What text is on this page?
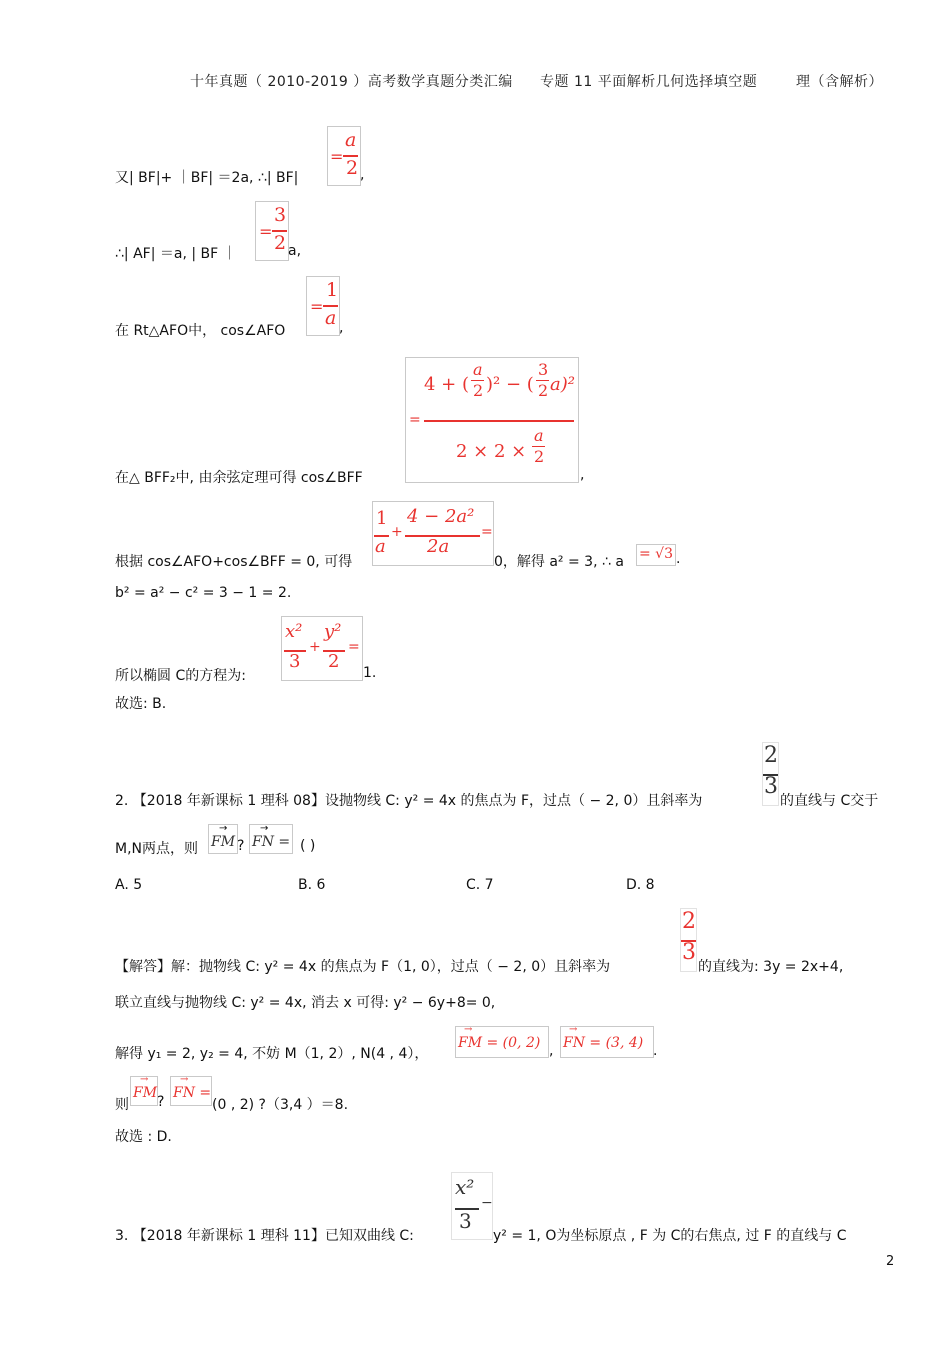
十年真题（ 2010-2019 ）高考数学真题分类汇编 专题 11 平面解析几何选择填空题	理（含解析）
又| BF|+ ｜BF| ＝2a, ∴| BF|
=
a
2 ,
∴| AF| ＝a, | BF ｜
=
3
2 a,
在 Rt△AFO中， cos∠AFO
=
1
a ,
在△ BFF₂中, 由余弦定理可得 cos∠BFF
=
4 + (
a
2 )² − (
3
2 a)²
2 × 2 ×
a
2
,
根据 cos∠AFO+cos∠BFF = 0, 可得
1
a
+
4 − 2a²
2a
=
0，解得 a² = 3, ∴ a = √3 .
b² = a² − c² = 3 − 1 = 2.
所以椭圆 C的方程为:
x²
3
+
y²
2
=
1.
故选: B.
2. 【2018 年新课标 1 理科 08】设抛物线 C: y² = 4x 的焦点为 F，过点（ − 2, 0）且斜率为
2
3
的直线与 C交于
M,N两点，则
→
FM ?
→
FN = ( )
A. 5	B. 6	C. 7	D. 8
【解答】解：抛物线 C: y² = 4x 的焦点为 F（1, 0），过点（ − 2, 0）且斜率为
2
3
的直线为: 3y = 2x+4,
联立直线与抛物线 C: y² = 4x, 消去 x 可得: y² − 6y+8= 0,
解得 y₁ = 2, y₂ = 4, 不妨 M（1, 2）, N(4 , 4），
→
FM = (0, 2) ,
→
FN = (3, 4) .
则
→
FM
?
→
FN =
(0 , 2) ?（3,4 ）＝8.
故选 : D.
3. 【2018 年新课标 1 理科 11】已知双曲线 C:
x²
3
−
y² = 1, O为坐标原点 , F 为 C的右焦点, 过 F 的直线与 C
2
